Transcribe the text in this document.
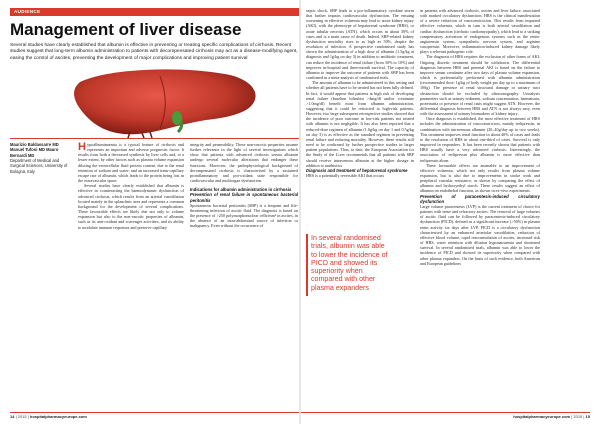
AUDIENCE
Management of liver disease

Several studies have clearly established that albumin is effective in preventing or treating specific complications of cirrhosis. Recent studies suggest that long-term albumin administration to patients with decompensated cirrhosis may act as a disease-modifying agent, easing the control of ascites, preventing the development of major complications and improving patient survival

Maurizio Baldassarre MD Manuel Tufoni MD Mauro Bernardi MD
Department of Medical and Surgical Sciences, University of Bologna, Italy

Hypoalbuminaemia is a typical feature of cirrhosis and represents an important and adverse prognostic factor. It results from both a decreased synthesis by liver cells and, to a lesser extent, by other factors such as plasma volume expansion diluting the extracellular fluid protein content, due to the renal retention of sodium and water; and an increased trans-capillary escape rate of albumin, which leads to the protein being lost in the extravascular space.

Several studies have clearly established that albumin is effective in counteracting the haemodynamic dysfunction of advanced cirrhosis, which results from an arterial vasodilation located mainly in the splanchnic area and represents a common background for the development of several complications. These favourable effects are likely due not only to volume expansion but also to the non-oncotic properties of albumin, such as its anti-oxidant and scavenger activities, and its ability to modulate immune responses and preserve capillary

integrity and permeability. These non-oncotic properties assume further relevance in the light of several investigations which show that patients with advanced cirrhosis serum albumin undergo several molecular alterations that endanger these functions. Moreover, the pathophysiological background of decompensated cirrhosis is characterised by a sustained proinflammatory and pro-oxidant state responsible for cardiovascular and multiorgan dysfunction.

Indications for albumin administration in cirrhosis
Prevention of renal failure in spontaneous bacterial peritonitis

Spontaneous bacterial peritonitis (SBP) is a frequent and life-threatening infection of ascitic fluid. The diagnosis is based on the presence of >250 polymorphonuclear cells/mm³ in ascites, in the absence of an intra-abdominal source of infection or malignancy. Even without the occurrence of

septic shock, SBP leads to a pro-inflammatory cytokine storm that further impairs cardiovascular dysfunction. The ensuing worsening in effective volaemia may lead to acute kidney injury (AKI), with the phenotype of hepatorenal syndrome (HRS), or acute tubular necrosis (ATN), which occurs in about 30% of cases and is a main cause of death. Indeed, SBP-related kidney dysfunction mortality rises to as high as 50%, despite the resolution of infection. A prospective randomised study has shown the administration of a high dose of albumin (1.5g/kg at diagnosis and 1g/kg on day 3) in addition to antibiotic treatment, can reduce the incidence of renal failure (from 30% to 10%) and improves in-hospital and three-month survival. The capacity of albumin to improve the outcome of patients with SBP has been confirmed in a meta-analysis of randomised trials.

The amount of albumin to be administered in this setting and whether all patients have to be treated has not been fully defined. In fact, it would appear that patients at high risk of developing renal failure (baseline bilirubin >4mg/dl and/or creatinine >1.0mg/dl) benefit most from albumin administration, suggesting that it could be restricted to high-risk patients. However, two large subsequent retrospective studies showed that the incidence of poor outcome in low-risk patients not treated with albumin is not negligible. It has also been reported that a reduced-dose regimen of albumin (1.0g/kg on day 1 and 0.5g/kg on day 3) is as effective as the standard regimen in preventing renal failure and reducing mortality. However, these results still need to be confirmed by further prospective studies in larger patient populations. Thus, to date, the European Association for the Study of the Liver recommends that all patients with SBP should receive intravenous albumin at the higher dosage in addition to antibiotics.

Diagnosis and treatment of hepatorenal syndrome

HRS is a potentially reversible AKI that occurs

in patients with advanced cirrhosis, ascites and liver failure, associated with marked circulatory dysfunction. HRS is the clinical manifestation of a severe reduction of vasoconstriction. This results from impaired effective volaemia, which in turn is both arterial vasodilation and cardiac dysfunction (cirrhotic cardiomyopathy), which lead to a striking compensatory activation of endogenous systems such as the renin-angiotensin system, sympathetic nervous system, and arginine vasopressin. Moreover, inflammation-induced kidney damage likely plays a relevant pathogenic role.

The diagnosis of HRS requires the exclusion of other forms of AKI. Ongoing diuretic treatment should be withdrawn. The differential diagnosis between HRS and prerenal AKI is based on the failure to improve serum creatinine after two days of plasma volume expansion, which is preferentially performed with albumin administration (recommended dose: 1g/kg of body weight per day up to a maximum of 100g). The presence of renal structural damage or urinary tract obstruction should be excluded by ultrasonography. Urinalysis parameters such as urinary sediment, sodium concentration, haematuria, proteinuria or presence of renal casts might suggest ATN. However, the differential diagnosis between HRS and ATN is not always easy, even with the assessment of urinary biomarkers of kidney injury.

Once diagnosis is established, the most effective treatment of HRS includes the administration of vasoconstrictors, mainly terlipressin, in combination with intravenous albumin (20–40g/day up to two weeks). This treatment improves renal function in about 40% of cases and leads to the resolution of HRS in about one-third of cases. Survival is only improved in responders. It has been recently shown that patients with HRS usually have a very advanced cirrhosis. Interestingly, the association of terlipressin plus albumin is more effective than terlipressin alone.

These favourable effects are amenable to an improvement of effective volaemia, which not only results from plasma volume expansion, but is also due to improvements in stroke work and peripheral vascular resistance, as shown by comparing the effect of albumin and hydroxyethyl starch. These results suggest an effect of albumin on endothelial function, as shown in ex-vivo experiments.

Prevention of paracentesis-induced circulatory dysfunction

Large volume paracentesis (LVP) is the current treatment of choice for patients with tense and refractory ascites. The removal of large volumes of ascitic fluid can be followed by paracentesis-induced circulatory dysfunction (PICD), defined as a significant increase (>50%) in plasma renin activity six days after LVP. PICD is a circulatory dysfunction characterised by an enhanced arteriolar vasodilation, reduction of effective blood volume, rapid reaccumulation of ascites, increased risk of HRS, water retention with dilution hyponatraemia and shortened survival. In several randomised trials, albumin was able to lower the incidence of PICD and showed its superiority when compared with other plasma expanders. On the basis of such evidence, both American and European guidelines

14 | 2015 | hospitalpharmacyeurope.com	hospitalpharmacyeurope.com | 2015 | 15

In several randomised trials, albumin was able to lower the incidence of PICD and showed its superiority when compared with other plasma expanders
